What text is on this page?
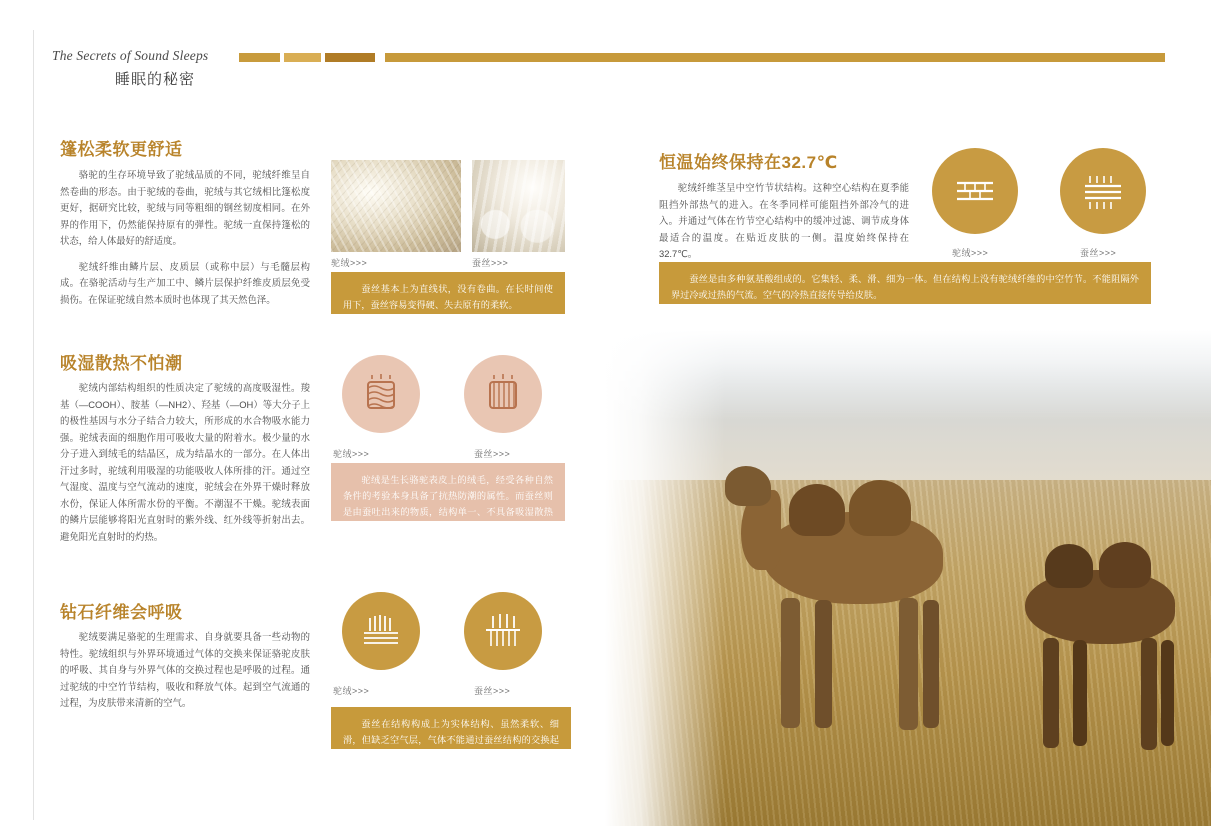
The Secrets of Sound Sleeps
睡眠的秘密
篷松柔软更舒适

骆驼的生存环境导致了驼绒品质的不同，驼绒纤维呈自然卷曲的形态。由于驼绒的卷曲，驼绒与其它绒相比篷松度更好，据研究比较，驼绒与同等粗细的钢丝韧度相同。在外界的作用下，仍然能保持原有的弹性。驼绒一直保持篷松的状态，给人体最好的舒适度。

驼绒纤维由鳞片层、皮质层（或称中层）与毛髓层构成。在骆驼活动与生产加工中、鳞片层保护纤维皮质层免受损伤。在保证驼绒自然本质时也体现了其天然色泽。

驼绒>>>	蚕丝>>>

蚕丝基本上为直线状，没有卷曲。在长时间使用下，蚕丝容易变得硬、失去原有的柔软。

吸湿散热不怕潮

驼绒内部结构组织的性质决定了驼绒的高度吸湿性。羧基（—COOH）、胺基（—NH2）、羟基（—OH）等大分子上的极性基因与水分子结合力较大，所形成的水合物吸水能力强。驼绒表面的细胞作用可吸收大量的附着水。极少量的水分子进入到绒毛的结晶区，成为结晶水的一部分。在人体出汗过多时，驼绒利用吸湿的功能吸收人体所排的汗。通过空气湿度、温度与空气流动的速度，驼绒会在外界干燥时释放水份，保证人体所需水份的平衡。不潮湿不干燥。驼绒表面的鳞片层能够将阳光直射时的紫外线、红外线等折射出去。避免阳光直射时的灼热。

驼绒>>>	蚕丝>>>

驼绒是生长骆驼表皮上的绒毛，经受各种自然条件的考验本身具备了抗热防潮的属性。而蚕丝则是由蚕吐出来的物质，结构单一、不具备吸湿散热的功能。

钻石纤维会呼吸

驼绒要满足骆驼的生理需求、自身就要具备一些动物的特性。驼绒组织与外界环境通过气体的交换来保证骆驼皮肤的呼吸、其自身与外界气体的交换过程也是呼吸的过程。通过驼绒的中空竹节结构，吸收和释放气体。起到空气流通的过程，为皮肤带来清新的空气。

驼绒>>>	蚕丝>>>

蚕丝在结构构成上为实体结构、虽然柔软、细滑，但缺乏空气层，气体不能通过蚕丝结构的交换起到流通、呼吸效果。蚕丝在透气性上远不及驼绒纤维。

恒温始终保持在32.7℃

驼绒纤维茎呈中空竹节状结构。这种空心结构在夏季能阻挡外部热气的进入。在冬季同样可能阻挡外部冷气的进入。并通过气体在竹节空心结构中的缓冲过滤、调节成身体最适合的温度。在贴近皮肤的一侧。温度始终保持在32.7℃。	驼绒>>>	蚕丝>>>

蚕丝是由多种氨基酸组成的。它集轻、柔、滑、细为一体。但在结构上没有驼绒纤维的中空竹节。不能阻隔外界过冷或过热的气流。空气的冷热直接传导给皮肤。
